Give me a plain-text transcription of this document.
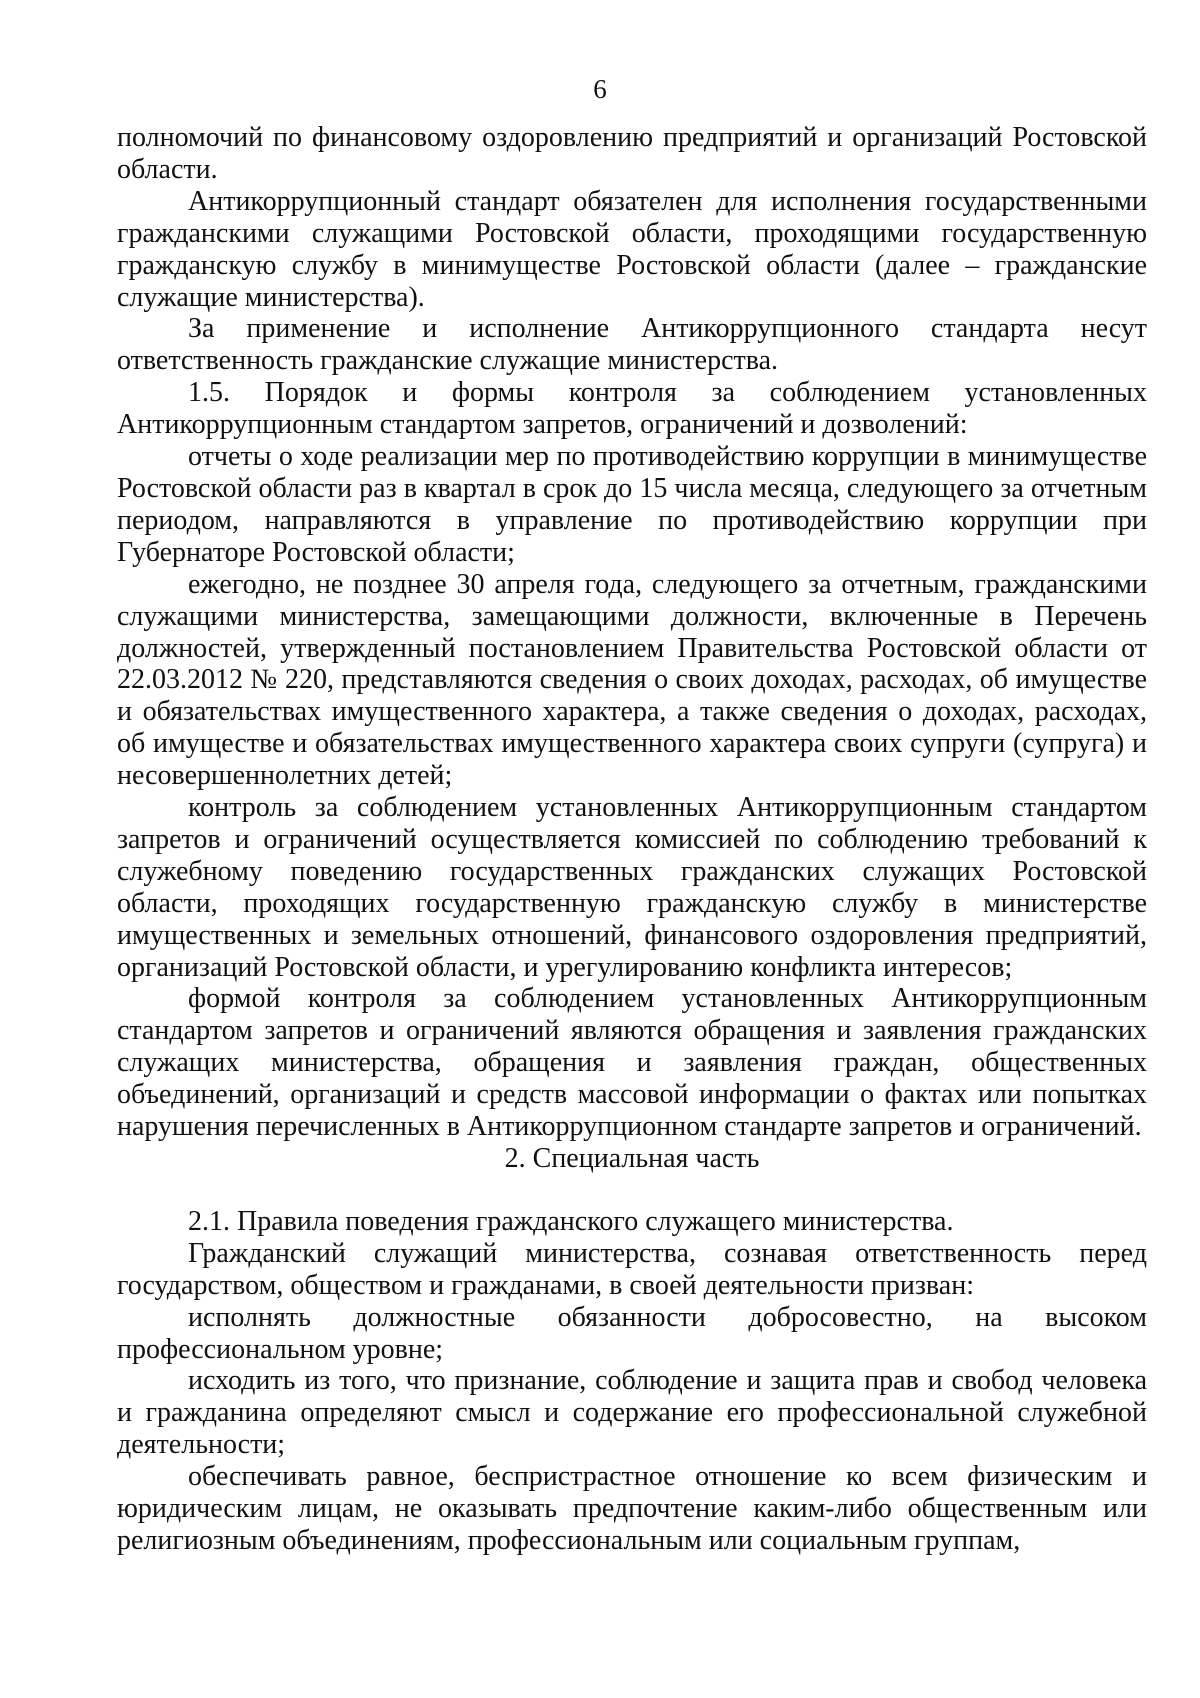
6

полномочий по финансовому оздоровлению предприятий и организаций Ростовской области.

Антикоррупционный стандарт обязателен для исполнения государственными гражданскими служащими Ростовской области, проходящими государственную гражданскую службу в минимуществе Ростовской области (далее – гражданские служащие министерства).

За применение и исполнение Антикоррупционного стандарта несут ответственность гражданские служащие министерства.

1.5. Порядок и формы контроля за соблюдением установленных Антикоррупционным стандартом запретов, ограничений и дозволений:

отчеты о ходе реализации мер по противодействию коррупции в минимуществе Ростовской области раз в квартал в срок до 15 числа месяца, следующего за отчетным периодом, направляются в управление по противодействию коррупции при Губернаторе Ростовской области;

ежегодно, не позднее 30 апреля года, следующего за отчетным, гражданскими служащими министерства, замещающими должности, включенные в Перечень должностей, утвержденный постановлением Правительства Ростовской области от 22.03.2012 № 220, представляются сведения о своих доходах, расходах, об имуществе и обязательствах имущественного характера, а также сведения о доходах, расходах, об имуществе и обязательствах имущественного характера своих супруги (супруга) и несовершеннолетних детей;

контроль за соблюдением установленных Антикоррупционным стандартом запретов и ограничений осуществляется комиссией по соблюдению требований к служебному поведению государственных гражданских служащих Ростовской области, проходящих государственную гражданскую службу в министерстве имущественных и земельных отношений, финансового оздоровления предприятий, организаций Ростовской области, и урегулированию конфликта интересов;

формой контроля за соблюдением установленных Антикоррупционным стандартом запретов и ограничений являются обращения и заявления гражданских служащих министерства, обращения и заявления граждан, общественных объединений, организаций и средств массовой информации о фактах или попытках нарушения перечисленных в Антикоррупционном стандарте запретов и ограничений.

2. Специальная часть

2.1. Правила поведения гражданского служащего министерства.

Гражданский служащий министерства, сознавая ответственность перед государством, обществом и гражданами, в своей деятельности призван:

исполнять должностные обязанности добросовестно, на высоком профессиональном уровне;

исходить из того, что признание, соблюдение и защита прав и свобод человека и гражданина определяют смысл и содержание его профессиональной служебной деятельности;

обеспечивать равное, беспристрастное отношение ко всем физическим и юридическим лицам, не оказывать предпочтение каким-либо общественным или религиозным объединениям, профессиональным или социальным группам,
